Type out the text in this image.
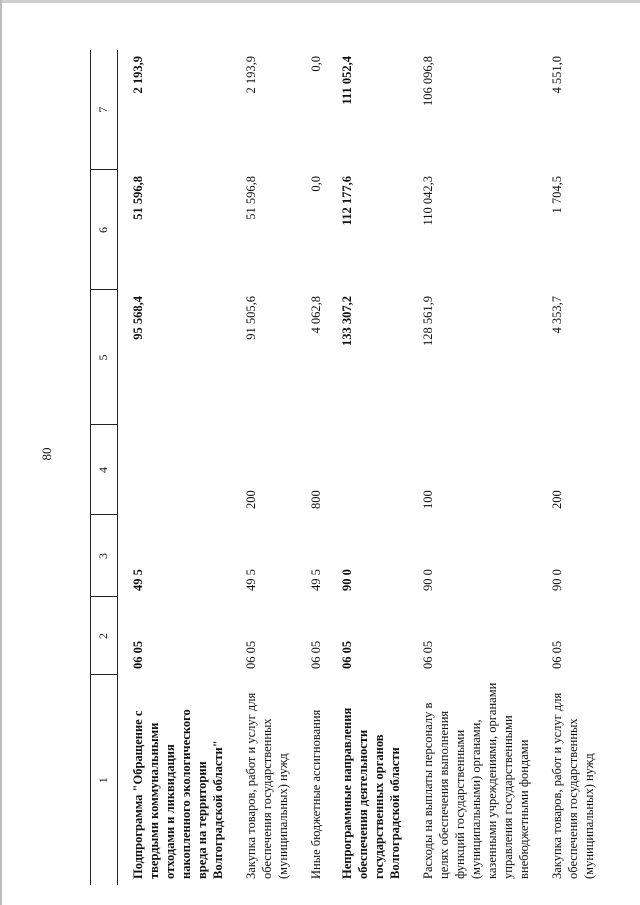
80
1	2	3	4	5	6	7
Подпрограмма "Обращение с твердыми коммунальными отходами и ликвидация накопленного экологического вреда на территории Волгоградской области"	06 05	49 5		95 568,4	51 596,8	2 193,9
Закупка товаров, работ и услуг для обеспечения государственных (муниципальных) нужд	06 05	49 5	200	91 505,6	51 596,8	2 193,9
Иные бюджетные ассигнования	06 05	49 5	800	4 062,8	0,0	0,0
Непрограммные направления обеспечения деятельности государственных органов Волгоградской области	06 05	90 0		133 307,2	112 177,6	111 052,4
Расходы на выплаты персоналу в целях обеспечения выполнения функций государственными (муниципальными) органами, казенными учреждениями, органами управления государственными внебюджетными фондами	06 05	90 0	100	128 561,9	110 042,3	106 096,8
Закупка товаров, работ и услуг для обеспечения государственных (муниципальных) нужд	06 05	90 0	200	4 353,7	1 704,5	4 551,0
